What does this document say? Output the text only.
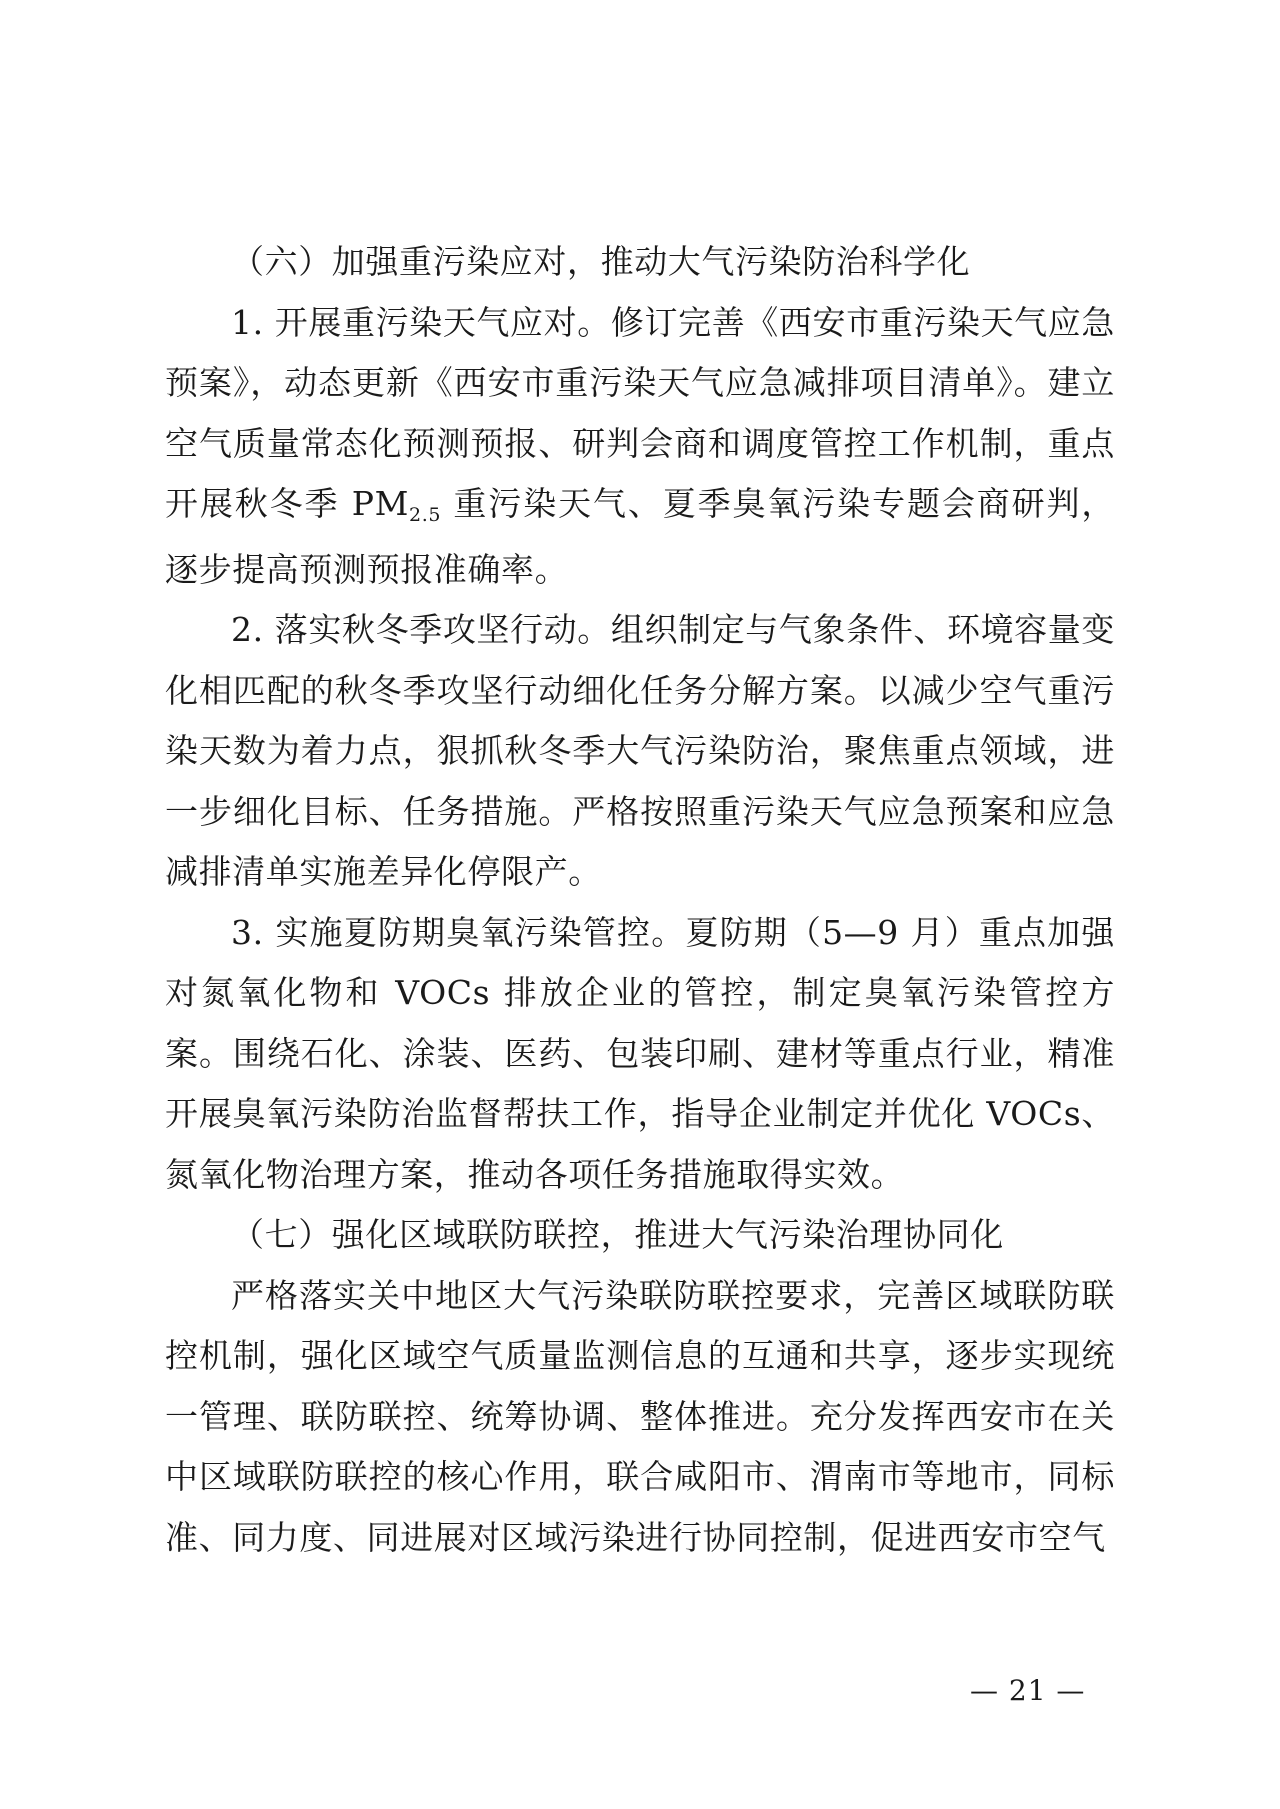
（六）加强重污染应对，推动大气污染防治科学化

1. 开展重污染天气应对。修订完善《西安市重污染天气应急预案》，动态更新《西安市重污染天气应急减排项目清单》。建立空气质量常态化预测预报、研判会商和调度管控工作机制，重点开展秋冬季 $PM_{2.5}$ 重污染天气、夏季臭氧污染专题会商研判，逐步提高预测预报准确率。

2. 落实秋冬季攻坚行动。组织制定与气象条件、环境容量变化相匹配的秋冬季攻坚行动细化任务分解方案。以减少空气重污染天数为着力点，狠抓秋冬季大气污染防治，聚焦重点领域，进一步细化目标、任务措施。严格按照重污染天气应急预案和应急减排清单实施差异化停限产。

3. 实施夏防期臭氧污染管控。夏防期（5—9 月）重点加强对氮氧化物和 VOCs 排放企业的管控，制定臭氧污染管控方案。围绕石化、涂装、医药、包装印刷、建材等重点行业，精准开展臭氧污染防治监督帮扶工作，指导企业制定并优化 VOCs、氮氧化物治理方案，推动各项任务措施取得实效。

（七）强化区域联防联控，推进大气污染治理协同化

严格落实关中地区大气污染联防联控要求，完善区域联防联控机制，强化区域空气质量监测信息的互通和共享，逐步实现统一管理、联防联控、统筹协调、整体推进。充分发挥西安市在关中区域联防联控的核心作用，联合咸阳市、渭南市等地市，同标准、同力度、同进展对区域污染进行协同控制，促进西安市空气

— 21 —
